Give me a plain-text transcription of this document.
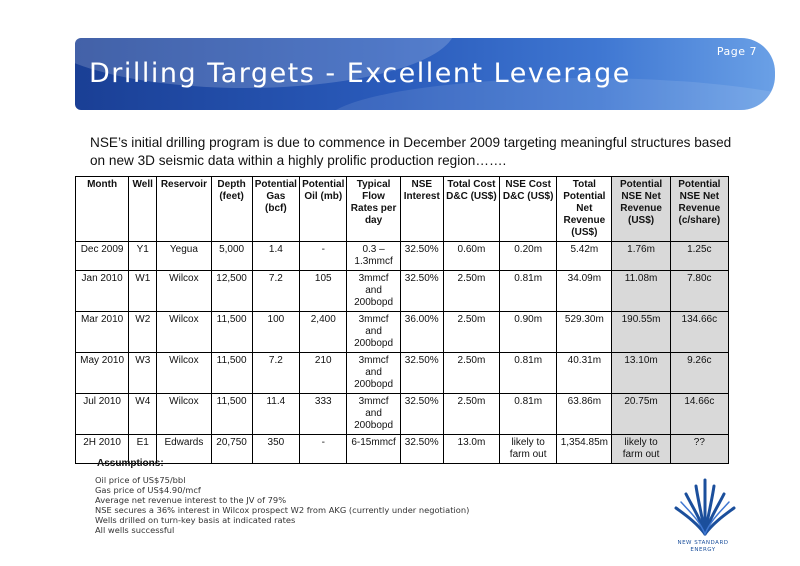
Page 7
Drilling Targets - Excellent Leverage

NSE’s initial drilling program is due to commence in December 2009 targeting meaningful structures based on new 3D seismic data within a highly prolific production region…….

Month	Well	Reservoir	Depth (feet)	Potential Gas (bcf)	Potential Oil (mb)	Typical Flow Rates per day	NSE Interest	Total Cost D&C (US$)	NSE Cost D&C (US$)	Total Potential Net Revenue (US$)	Potential NSE Net Revenue (US$)	Potential NSE Net Revenue (c/share)
Dec 2009	Y1	Yegua	5,000	1.4	-	0.3 – 1.3mmcf	32.50%	0.60m	0.20m	5.42m	1.76m	1.25c
Jan 2010	W1	Wilcox	12,500	7.2	105	3mmcf and 200bopd	32.50%	2.50m	0.81m	34.09m	11.08m	7.80c
Mar 2010	W2	Wilcox	11,500	100	2,400	3mmcf and 200bopd	36.00%	2.50m	0.90m	529.30m	190.55m	134.66c
May 2010	W3	Wilcox	11,500	7.2	210	3mmcf and 200bopd	32.50%	2.50m	0.81m	40.31m	13.10m	9.26c
Jul 2010	W4	Wilcox	11,500	11.4	333	3mmcf and 200bopd	32.50%	2.50m	0.81m	63.86m	20.75m	14.66c
2H 2010	E1	Edwards	20,750	350	-	6-15mmcf	32.50%	13.0m	likely to farm out	1,354.85m	likely to farm out	??
Assumptions:
Oil price of US$75/bbl
Gas price of US$4.90/mcf
Average net revenue interest to the JV of 79%
NSE secures a 36% interest in Wilcox prospect W2 from AKG (currently under negotiation)
Wells drilled on turn-key basis at indicated rates
All wells successful
NEW STANDARD
ENERGY
